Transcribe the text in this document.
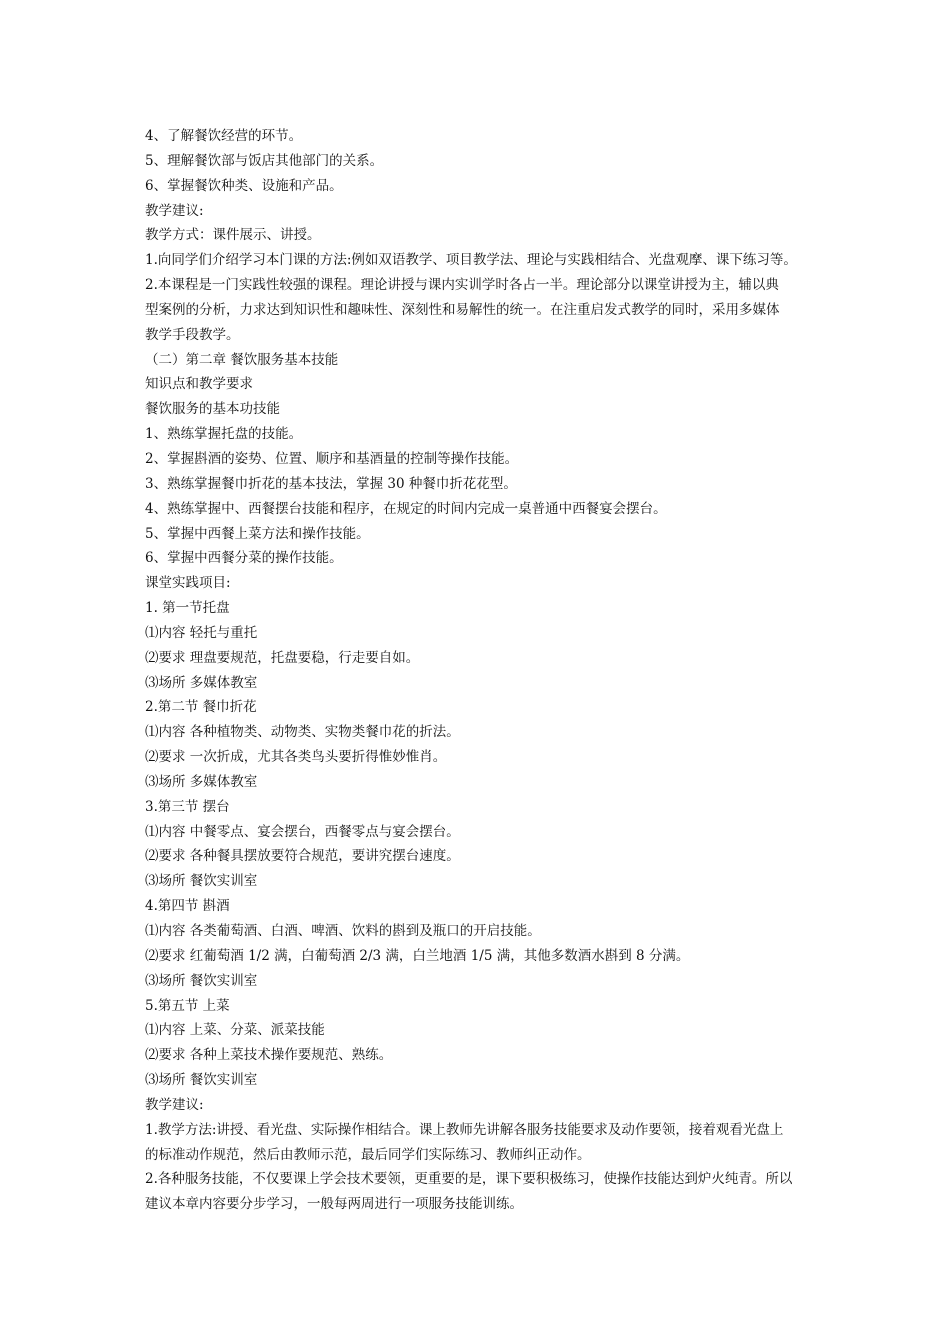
4、了解餐饮经营的环节。
5、理解餐饮部与饭店其他部门的关系。
6、掌握餐饮种类、设施和产品。
教学建议:
教学方式：课件展示、讲授。
1.向同学们介绍学习本门课的方法:例如双语教学、项目教学法、理论与实践相结合、光盘观摩、课下练习等。
2.本课程是一门实践性较强的课程。理论讲授与课内实训学时各占一半。理论部分以课堂讲授为主，辅以典
型案例的分析，力求达到知识性和趣味性、深刻性和易解性的统一。在注重启发式教学的同时，采用多媒体
教学手段教学。
（二）第二章 餐饮服务基本技能
知识点和教学要求
餐饮服务的基本功技能
1、熟练掌握托盘的技能。
2、掌握斟酒的姿势、位置、顺序和基酒量的控制等操作技能。
3、熟练掌握餐巾折花的基本技法，掌握 30 种餐巾折花花型。
4、熟练掌握中、西餐摆台技能和程序，在规定的时间内完成一桌普通中西餐宴会摆台。
5、掌握中西餐上菜方法和操作技能。
6、掌握中西餐分菜的操作技能。
课堂实践项目:
1. 第一节托盘
⑴内容 轻托与重托
⑵要求 理盘要规范，托盘要稳，行走要自如。
⑶场所 多媒体教室
2.第二节 餐巾折花
⑴内容 各种植物类、动物类、实物类餐巾花的折法。
⑵要求 一次折成，尤其各类鸟头要折得惟妙惟肖。
⑶场所 多媒体教室
3.第三节 摆台
⑴内容 中餐零点、宴会摆台，西餐零点与宴会摆台。
⑵要求 各种餐具摆放要符合规范，要讲究摆台速度。
⑶场所 餐饮实训室
4.第四节 斟酒
⑴内容 各类葡萄酒、白酒、啤酒、饮料的斟到及瓶口的开启技能。
⑵要求 红葡萄酒 1/2 满，白葡萄酒 2/3 满，白兰地酒 1/5 满，其他多数酒水斟到 8 分满。
⑶场所 餐饮实训室
5.第五节 上菜
⑴内容 上菜、分菜、派菜技能
⑵要求 各种上菜技术操作要规范、熟练。
⑶场所 餐饮实训室
教学建议:
1.教学方法:讲授、看光盘、实际操作相结合。课上教师先讲解各服务技能要求及动作要领，接着观看光盘上
的标准动作规范，然后由教师示范，最后同学们实际练习、教师纠正动作。
2.各种服务技能，不仅要课上学会技术要领，更重要的是，课下要积极练习，使操作技能达到炉火纯青。所以
建议本章内容要分步学习，一般每两周进行一项服务技能训练。
